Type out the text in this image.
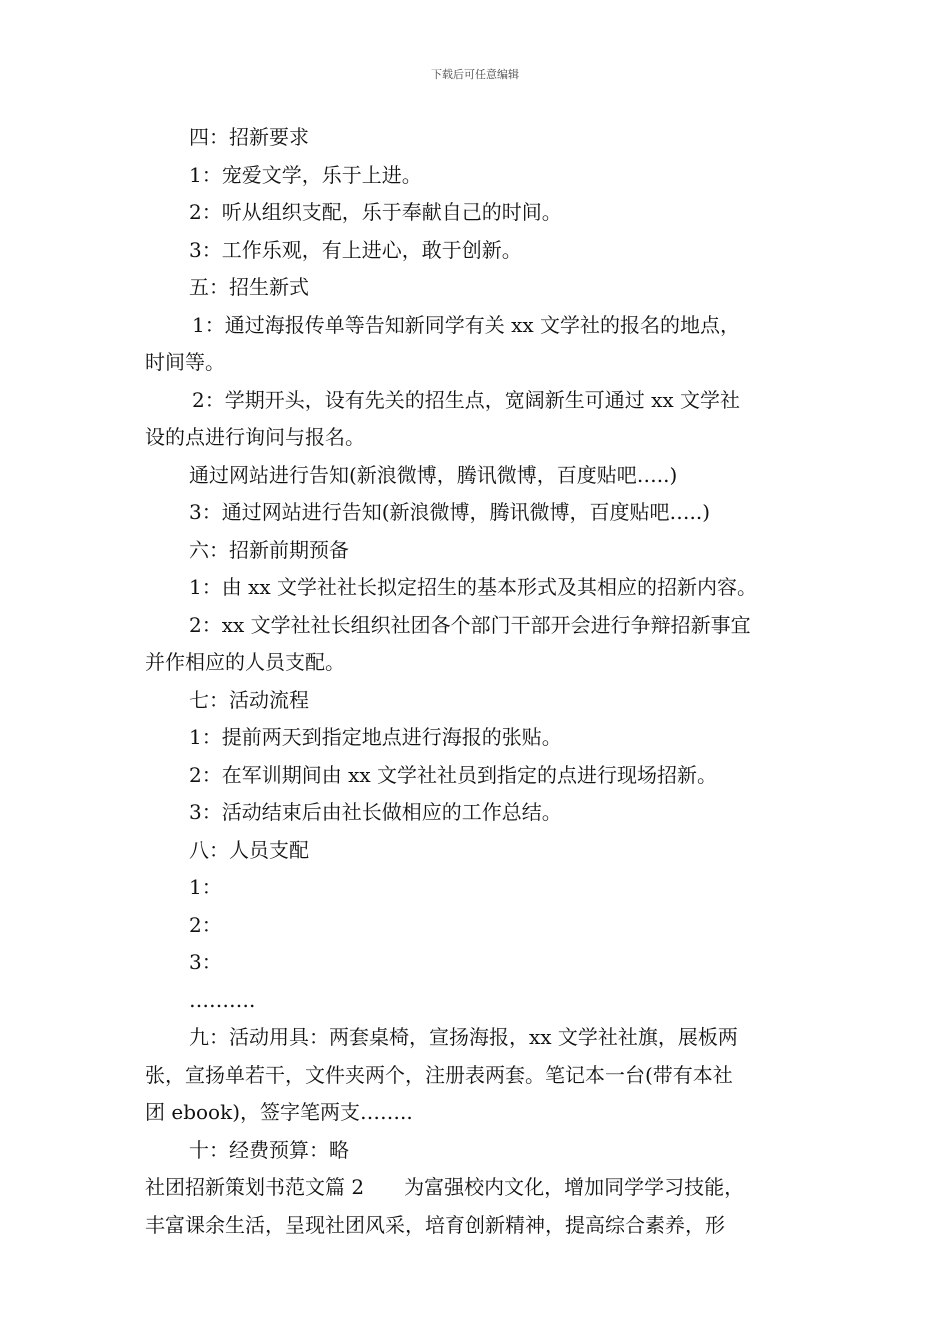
下载后可任意编辑

四：招新要求

1：宠爱文学，乐于上进。

2：听从组织支配，乐于奉献自己的时间。

3：工作乐观，有上进心，敢于创新。

五：招生新式

1：通过海报传单等告知新同学有关 xx 文学社的报名的地点，

时间等。

2：学期开头，设有先关的招生点，宽阔新生可通过 xx 文学社

设的点进行询问与报名。

通过网站进行告知(新浪微博，腾讯微博，百度贴吧…..)

3：通过网站进行告知(新浪微博，腾讯微博，百度贴吧…..)

六：招新前期预备

1：由 xx 文学社社长拟定招生的基本形式及其相应的招新内容。

2：xx 文学社社长组织社团各个部门干部开会进行争辩招新事宜

并作相应的人员支配。

七：活动流程

1：提前两天到指定地点进行海报的张贴。

2：在军训期间由 xx 文学社社员到指定的点进行现场招新。

3：活动结束后由社长做相应的工作总结。

八：人员支配

1：

2：

3：

……….

九：活动用具：两套桌椅，宣扬海报，xx 文学社社旗，展板两

张，宣扬单若干，文件夹两个，注册表两套。笔记本一台(带有本社

团 ebook)，签字笔两支……..

十：经费预算：略

社团招新策划书范文篇 2　　为富强校内文化，增加同学学习技能，

丰富课余生活，呈现社团风采，培育创新精神，提高综合素养，形
